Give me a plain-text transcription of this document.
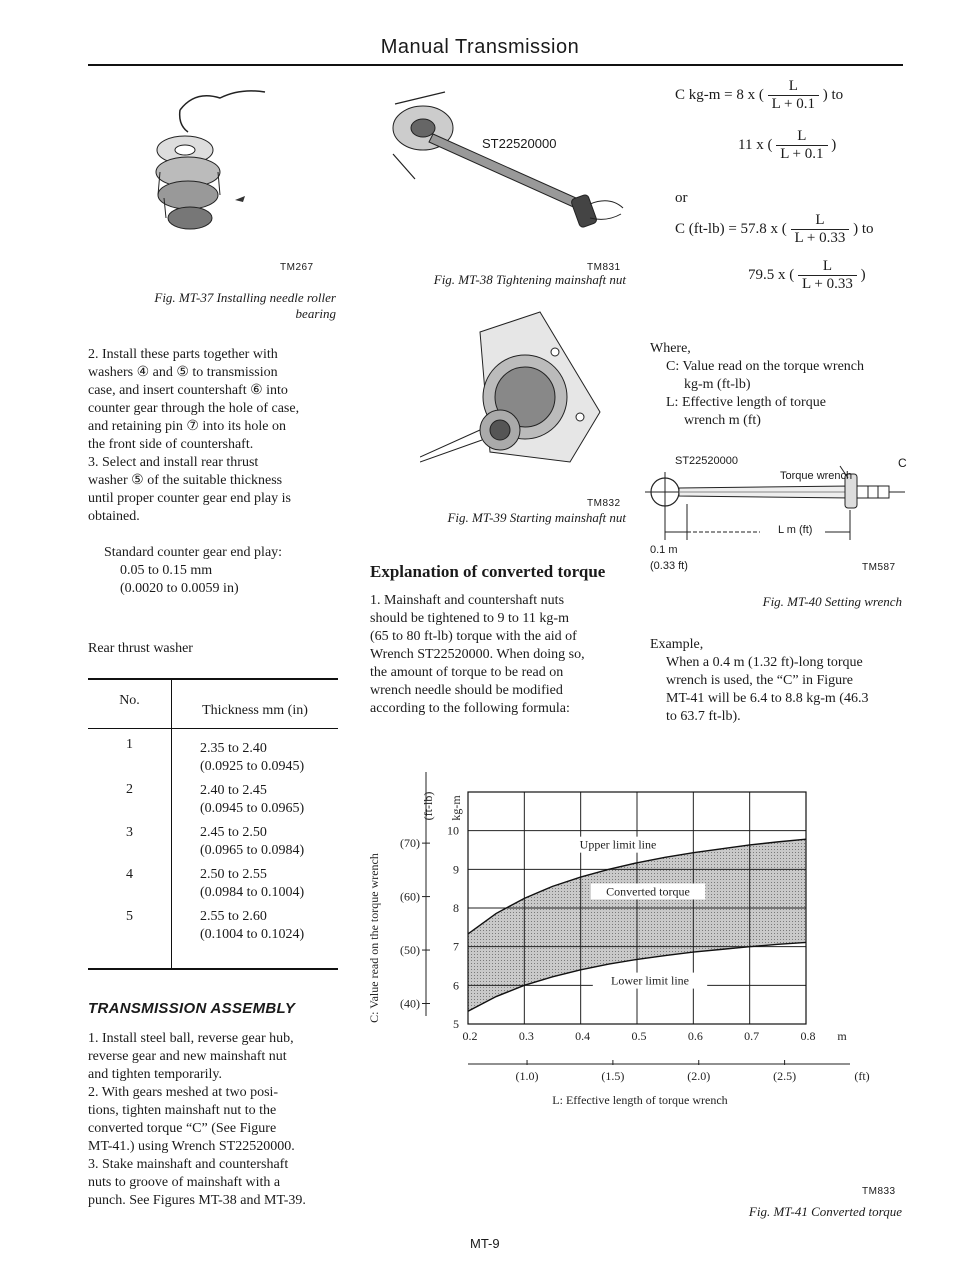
Manual Transmission
TM267
Fig. MT-37 Installing needle roller
bearing

2. Install these parts together with

washers ④ and ⑤ to transmission

case, and insert countershaft ⑥ into

counter gear through the hole of case,

and retaining pin ⑦ into its hole on

the front side of countershaft.

3. Select and install rear thrust

washer ⑤ of the suitable thickness

until proper counter gear end play is

obtained.

Standard counter gear end play:

0.05 to 0.15 mm

(0.0020 to 0.0059 in)

Rear thrust washer
No.
Thickness mm (in)
1	2.35 to 2.40

(0.0925 to 0.0945)

2	2.40 to 2.45

(0.0945 to 0.0965)

3	2.45 to 2.50

(0.0965 to 0.0984)

4	2.50 to 2.55

(0.0984 to 0.1004)

5	2.55 to 2.60

(0.1004 to 0.1024)

TRANSMISSION ASSEMBLY

1. Install steel ball, reverse gear hub,

reverse gear and new mainshaft nut

and tighten temporarily.

2. With gears meshed at two posi-

tions, tighten mainshaft nut to the

converted torque “C” (See Figure

MT-41.) using Wrench ST22520000.

3. Stake mainshaft and countershaft

nuts to groove of mainshaft with a

punch. See Figures MT-38 and MT-39.

ST22520000
TM831
Fig. MT-38 Tightening mainshaft nut
TM832
Fig. MT-39 Starting mainshaft nut
Explanation of converted torque

1. Mainshaft and countershaft nuts

should be tightened to 9 to 11 kg-m

(65 to 80 ft-lb) torque with the aid of

Wrench ST22520000. When doing so,

the amount of torque to be read on

wrench needle should be modified

according to the following formula:

C kg-m = 8 x ( $\frac{L}{L + 0.1}$ ) to
11 x ( $\frac{L}{L + 0.1}$ )
or
C (ft-lb) = 57.8 x ( $\frac{L}{L + 0.33}$ ) to
79.5 x ( $\frac{L}{L + 0.33}$ )

Where,

C: Value read on the torque wrench

kg-m (ft-lb)

L: Effective length of torque

wrench m (ft)

ST22520000	C
Torque wrench
L m (ft)
0.1 m
(0.33 ft)	TM587
Fig. MT-40 Setting wrench

Example,

When a 0.4 m (1.32 ft)-long torque

wrench is used, the “C” in Figure

MT-41 will be 6.4 to 8.8 kg-m (46.3

to 63.7 ft-lb).

5
6
7
8
9
10
(40)
(50)
(60)
(70)
(ft-lb) kg-m
C: Value read on the torque wrench
0.2	0.3	0.4	0.5	0.6	0.7	0.8 m
(1.0)	(1.5)	(2.0)	(2.5)	(ft)
L: Effective length of torque wrench
Upper limit line
Converted torque
Lower limit line
TM833
Fig. MT-41 Converted torque
MT-9
